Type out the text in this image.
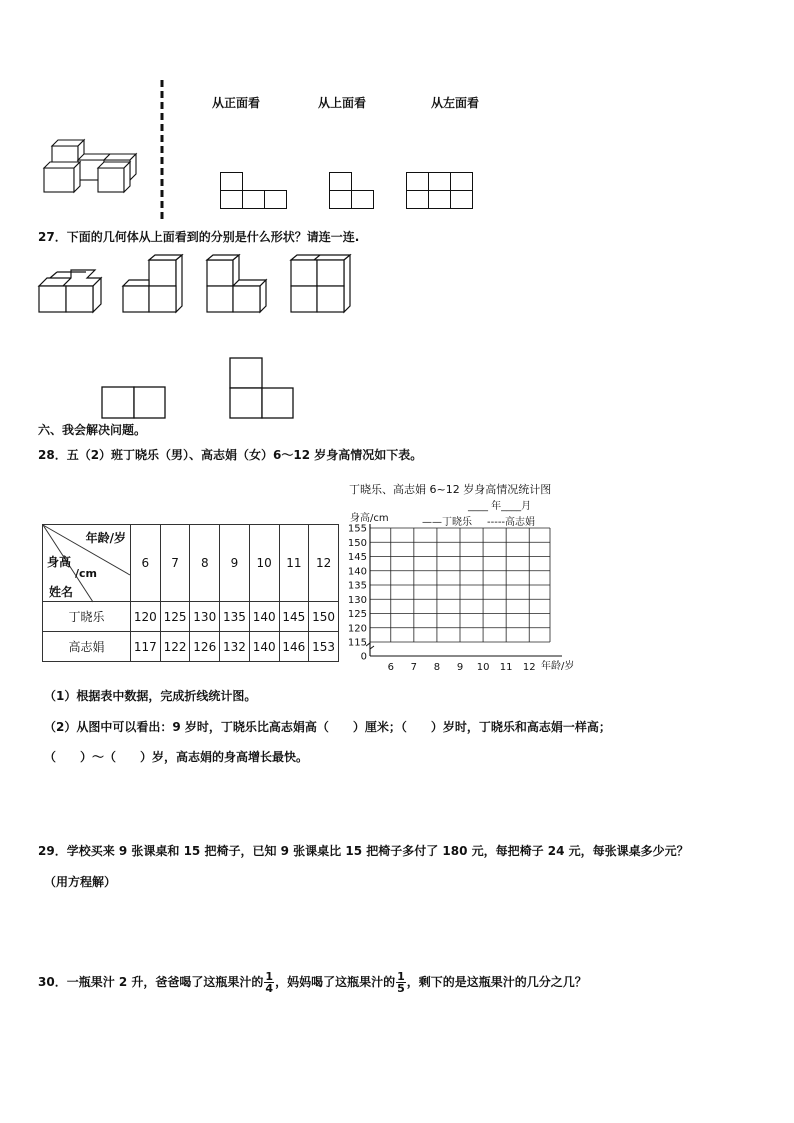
从正面看	从上面看	从左面看
27．下面的几何体从上面看到的分别是什么形状？请连一连.
六、我会解决问题。
28．五（2）班丁晓乐（男）、高志娟（女）6～12 岁身高情况如下表。
年龄/岁
身高
/cm
姓名	6	7	8	9	10	11	12
丁晓乐	120	125	130	135	140	145	150
高志娟	117	122	126	132	140	146	153
丁晓乐、高志娟 6~12 岁身高情况统计图
____ 年____月
身高/cm	——丁晓乐 -----高志娟
0
115
120
125
130
135
140
145
150
155
6 7 8 9 10 11 12 年龄/岁
（1）根据表中数据，完成折线统计图。
（2）从图中可以看出：9 岁时，丁晓乐比高志娟高（　　）厘米；（　　）岁时，丁晓乐和高志娟一样高；
（　　）～（　　）岁，高志娟的身高增长最快。
29．学校买来 9 张课桌和 15 把椅子，已知 9 张课桌比 15 把椅子多付了 180 元，每把椅子 24 元，每张课桌多少元？
（用方程解）
30．一瓶果汁 2 升，爸爸喝了这瓶果汁的 $\frac{1}{4}$ ，妈妈喝了这瓶果汁的 $\frac{1}{5}$ ，剩下的是这瓶果汁的几分之几？
